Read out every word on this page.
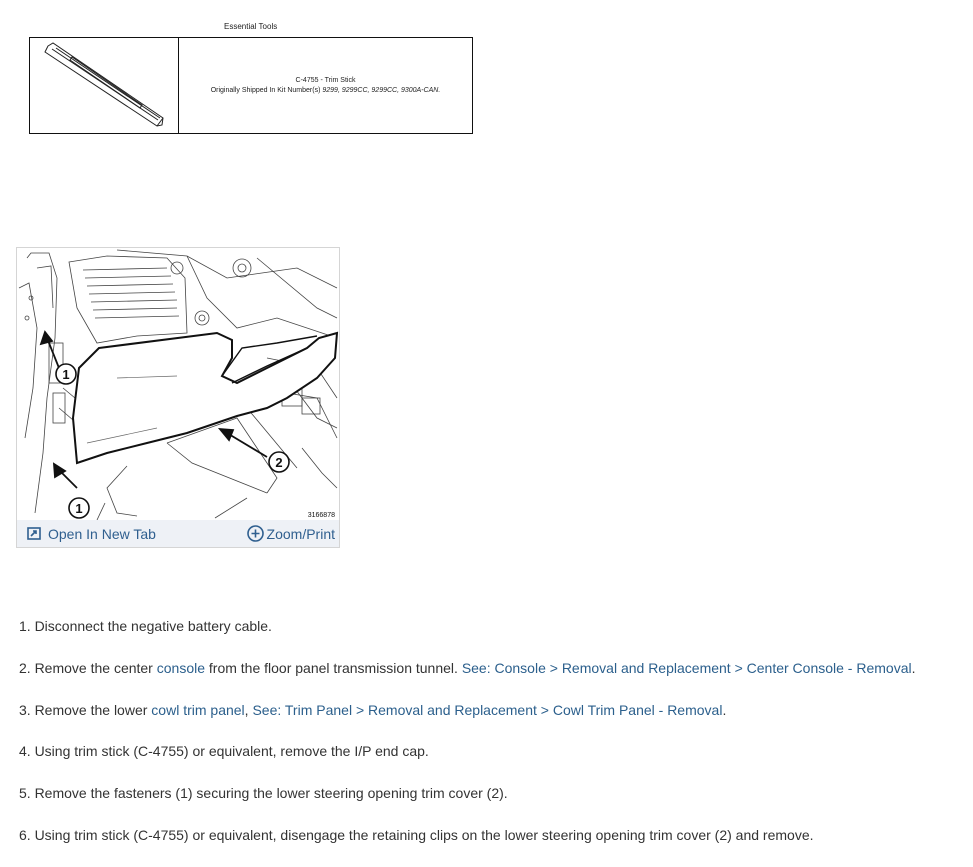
Essential Tools
C-4755 - Trim Stick
Originally Shipped In Kit Number(s) 9299, 9299CC, 9299CC, 9300A-CAN.
1
2
1	3166878
Open In New Tab	Zoom/Print
1. Disconnect the negative battery cable.
2. Remove the center console from the floor panel transmission tunnel. See: Console > Removal and Replacement > Center Console - Removal.
3. Remove the lower cowl trim panel, See: Trim Panel > Removal and Replacement > Cowl Trim Panel - Removal.
4. Using trim stick (C-4755) or equivalent, remove the I/P end cap.
5. Remove the fasteners (1) securing the lower steering opening trim cover (2).
6. Using trim stick (C-4755) or equivalent, disengage the retaining clips on the lower steering opening trim cover (2) and remove.
